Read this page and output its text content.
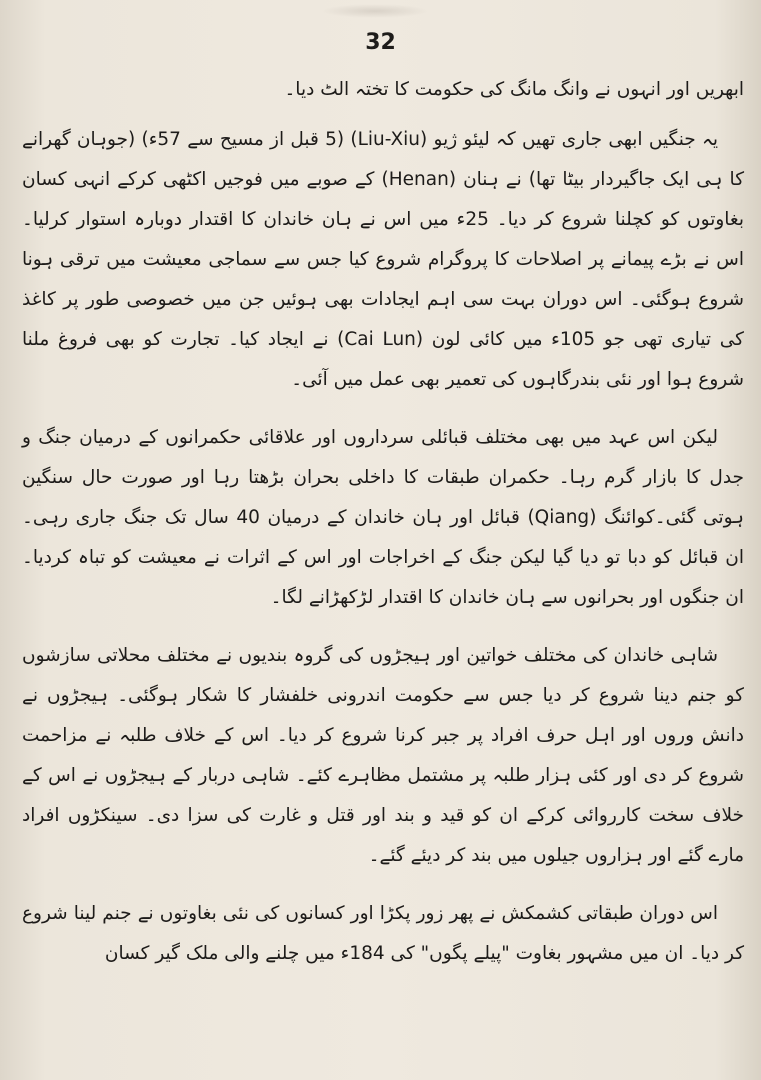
32

ابھریں اور انہوں نے وانگ مانگ کی حکومت کا تختہ الٹ دیا۔

یہ جنگیں ابھی جاری تھیں کہ لیئو ژیو (Liu-Xiu) (5 قبل از مسیح سے 57ء) (جوہان گھرانے کا ہی ایک جاگیردار بیٹا تھا) نے ہنان (Henan) کے صوبے میں فوجیں اکٹھی کرکے انہی کسان بغاوتوں کو کچلنا شروع کر دیا۔ 25ء میں اس نے ہان خاندان کا اقتدار دوبارہ استوار کرلیا۔ اس نے بڑے پیمانے پر اصلاحات کا پروگرام شروع کیا جس سے سماجی معیشت میں ترقی ہونا شروع ہوگئی۔ اس دوران بہت سی اہم ایجادات بھی ہوئیں جن میں خصوصی طور پر کاغذ کی تیاری تھی جو 105ء میں کائی لون (Cai Lun) نے ایجاد کیا۔ تجارت کو بھی فروغ ملنا شروع ہوا اور نئی بندرگاہوں کی تعمیر بھی عمل میں آئی۔

لیکن اس عہد میں بھی مختلف قبائلی سرداروں اور علاقائی حکمرانوں کے درمیان جنگ و جدل کا بازار گرم رہا۔ حکمران طبقات کا داخلی بحران بڑھتا رہا اور صورت حال سنگین ہوتی گئی۔کوائنگ (Qiang) قبائل اور ہان خاندان کے درمیان 40 سال تک جنگ جاری رہی۔ ان قبائل کو دبا تو دیا گیا لیکن جنگ کے اخراجات اور اس کے اثرات نے معیشت کو تباہ کردیا۔ ان جنگوں اور بحرانوں سے ہان خاندان کا اقتدار لڑکھڑانے لگا۔

شاہی خاندان کی مختلف خواتین اور ہیجڑوں کی گروہ بندیوں نے مختلف محلاتی سازشوں کو جنم دینا شروع کر دیا جس سے حکومت اندرونی خلفشار کا شکار ہوگئی۔ ہیجڑوں نے دانش وروں اور اہل حرف افراد پر جبر کرنا شروع کر دیا۔ اس کے خلاف طلبہ نے مزاحمت شروع کر دی اور کئی ہزار طلبہ پر مشتمل مظاہرے کئے۔ شاہی دربار کے ہیجڑوں نے اس کے خلاف سخت کارروائی کرکے ان کو قید و بند اور قتل و غارت کی سزا دی۔ سینکڑوں افراد مارے گئے اور ہزاروں جیلوں میں بند کر دیئے گئے۔

اس دوران طبقاتی کشمکش نے پھر زور پکڑا اور کسانوں کی نئی بغاوتوں نے جنم لینا شروع کر دیا۔ ان میں مشہور بغاوت "پیلے پگوں" کی 184ء میں چلنے والی ملک گیر کسان
